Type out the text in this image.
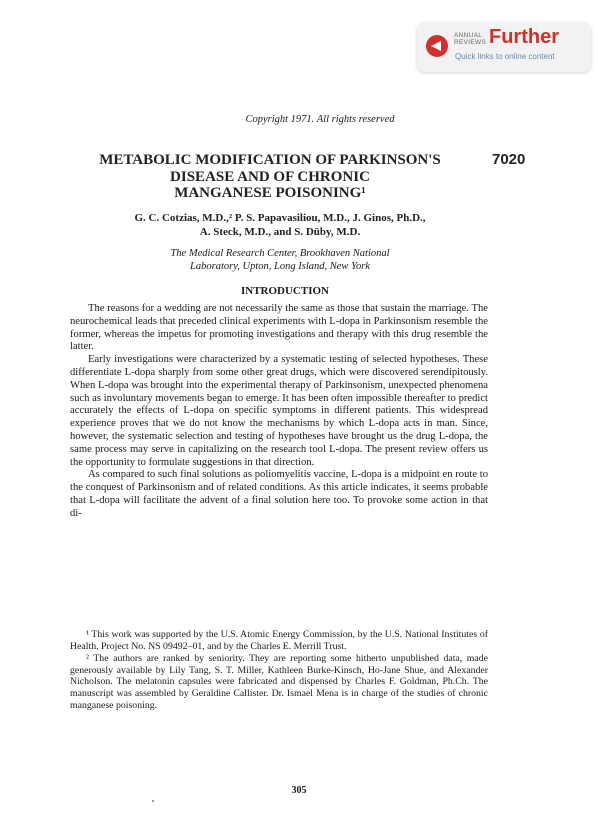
ANNUAL
REVIEWS Further
Quick links to online content
Copyright 1971. All rights reserved
METABOLIC MODIFICATION OF PARKINSON'S
DISEASE AND OF CHRONIC
MANGANESE POISONING¹
7020
G. C. Cotzias, M.D.,² P. S. Papavasiliou, M.D., J. Ginos, Ph.D.,
A. Steck, M.D., and S. Düby, M.D.
The Medical Research Center, Brookhaven National
Laboratory, Upton, Long Island, New York
INTRODUCTION

The reasons for a wedding are not necessarily the same as those that sustain the marriage. The neurochemical leads that preceded clinical experiments with L-dopa in Parkinsonism resemble the former, whereas the impetus for promoting investigations and therapy with this drug resemble the latter.

Early investigations were characterized by a systematic testing of selected hypotheses. These differentiate L-dopa sharply from some other great drugs, which were discovered serendipitously. When L-dopa was brought into the experimental therapy of Parkinsonism, unexpected phenomena such as involuntary movements began to emerge. It has been often impossible thereafter to predict accurately the effects of L-dopa on specific symptoms in different patients. This widespread experience proves that we do not know the mechanisms by which L-dopa acts in man. Since, however, the systematic selection and testing of hypotheses have brought us the drug L-dopa, the same process may serve in capitalizing on the research tool L-dopa. The present review offers us the opportunity to formulate suggestions in that direction.

As compared to such final solutions as poliomyelitis vaccine, L-dopa is a midpoint en route to the conquest of Parkinsonism and of related conditions. As this article indicates, it seems probable that L-dopa will facilitate the advent of a final solution here too. To provoke some action in that di-

¹ This work was supported by the U.S. Atomic Energy Commission, by the U.S. National Institutes of Health, Project No. NS 09492–01, and by the Charles E. Merrill Trust.

² The authors are ranked by seniority. They are reporting some hitherto unpublished data, made generously available by Lily Tang, S. T. Miller, Kathleen Burke-Kinsch, Ho-Jane Shue, and Alexander Nicholson. The melatonin capsules were fabricated and dispensed by Charles F. Goldman, Ph.Ch. The manuscript was assembled by Geraldine Callister. Dr. Ismael Mena is in charge of the studies of chronic manganese poisoning.

305
